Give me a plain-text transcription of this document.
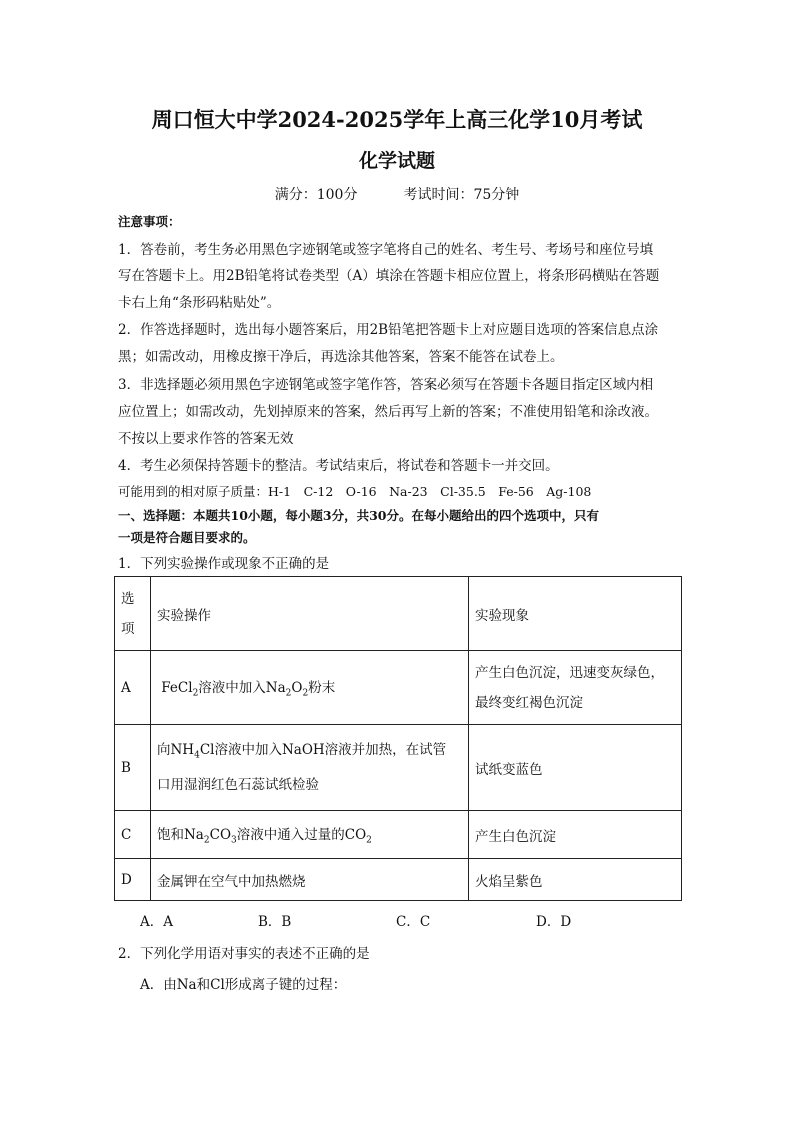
周口恒大中学2024-2025学年上高三化学10月考试
化学试题
满分：100分	考试时间：75分钟
注意事项：
1．答卷前，考生务必用黑色字迹钢笔或签字笔将自己的姓名、考生号、考场号和座位号填
写在答题卡上。用2B铅笔将试卷类型（A）填涂在答题卡相应位置上，将条形码横贴在答题
卡右上角“条形码粘贴处”。
2．作答选择题时，选出每小题答案后，用2B铅笔把答题卡上对应题目选项的答案信息点涂
黑；如需改动，用橡皮擦干净后，再选涂其他答案，答案不能答在试卷上。
3．非选择题必须用黑色字迹钢笔或签字笔作答，答案必须写在答题卡各题目指定区域内相
应位置上；如需改动，先划掉原来的答案，然后再写上新的答案；不准使用铅笔和涂改液。
不按以上要求作答的答案无效
4．考生必须保持答题卡的整洁。考试结束后，将试卷和答题卡一并交回。
可能用到的相对原子质量：H-1　C-12　O-16　Na-23　Cl-35.5　Fe-56　Ag-108
一、选择题：本题共10小题，每小题3分，共30分。在每小题给出的四个选项中，只有
一项是符合题目要求的。
1．下列实验操作或现象不正确的是
选
项	实验操作	实验现象
A	FeCl$_2$溶液中加入$Na_2O_2$粉末	产生白色沉淀，迅速变灰绿色，
最终变红褐色沉淀
B	向$NH_4Cl$溶液中加入NaOH溶液并加热，在试管
口用湿润红色石蕊试纸检验	试纸变蓝色
C	饱和$Na_2CO_3$溶液中通入过量的$CO_2$	产生白色沉淀
D	金属钾在空气中加热燃烧	火焰呈紫色
A．A	B．B	C．C	D．D
2．下列化学用语对事实的表述不正确的是
A．由Na和Cl形成离子键的过程：
